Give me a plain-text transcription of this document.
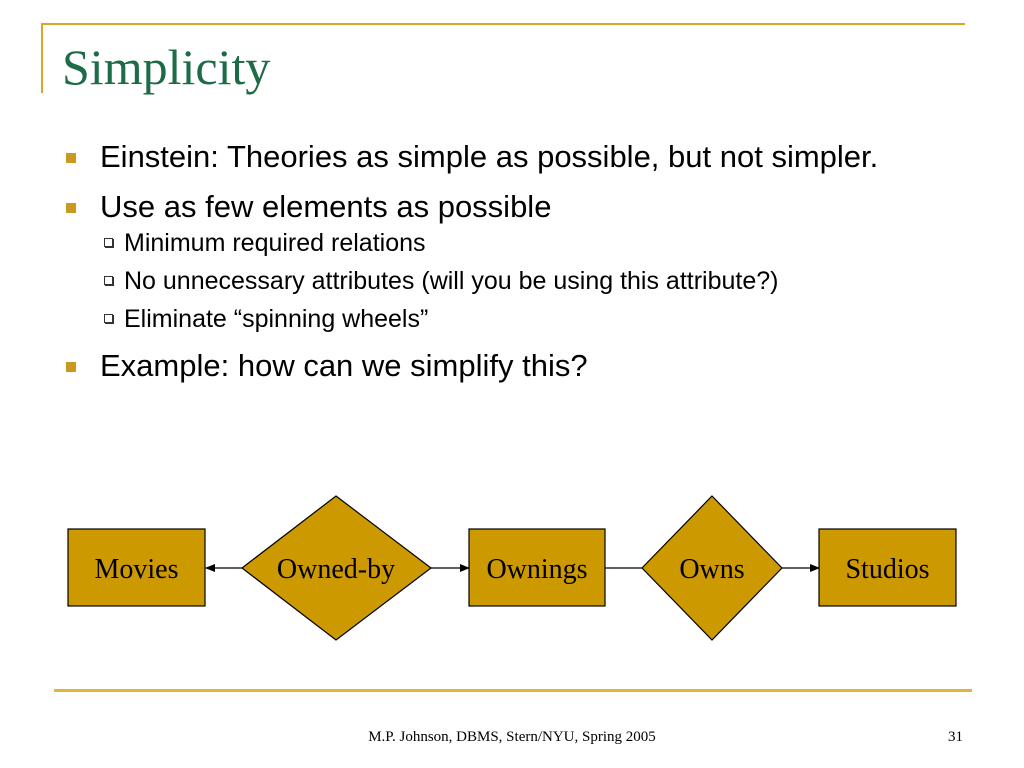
Simplicity
Einstein: Theories as simple as possible, but not simpler.
Use as few elements as possible
Minimum required relations
No unnecessary attributes (will you be using this attribute?)
Eliminate “spinning wheels”
Example: how can we simplify this?
Movies	Ownings	Studios
Owned-by	Owns
M.P. Johnson, DBMS, Stern/NYU, Spring 2005	31
